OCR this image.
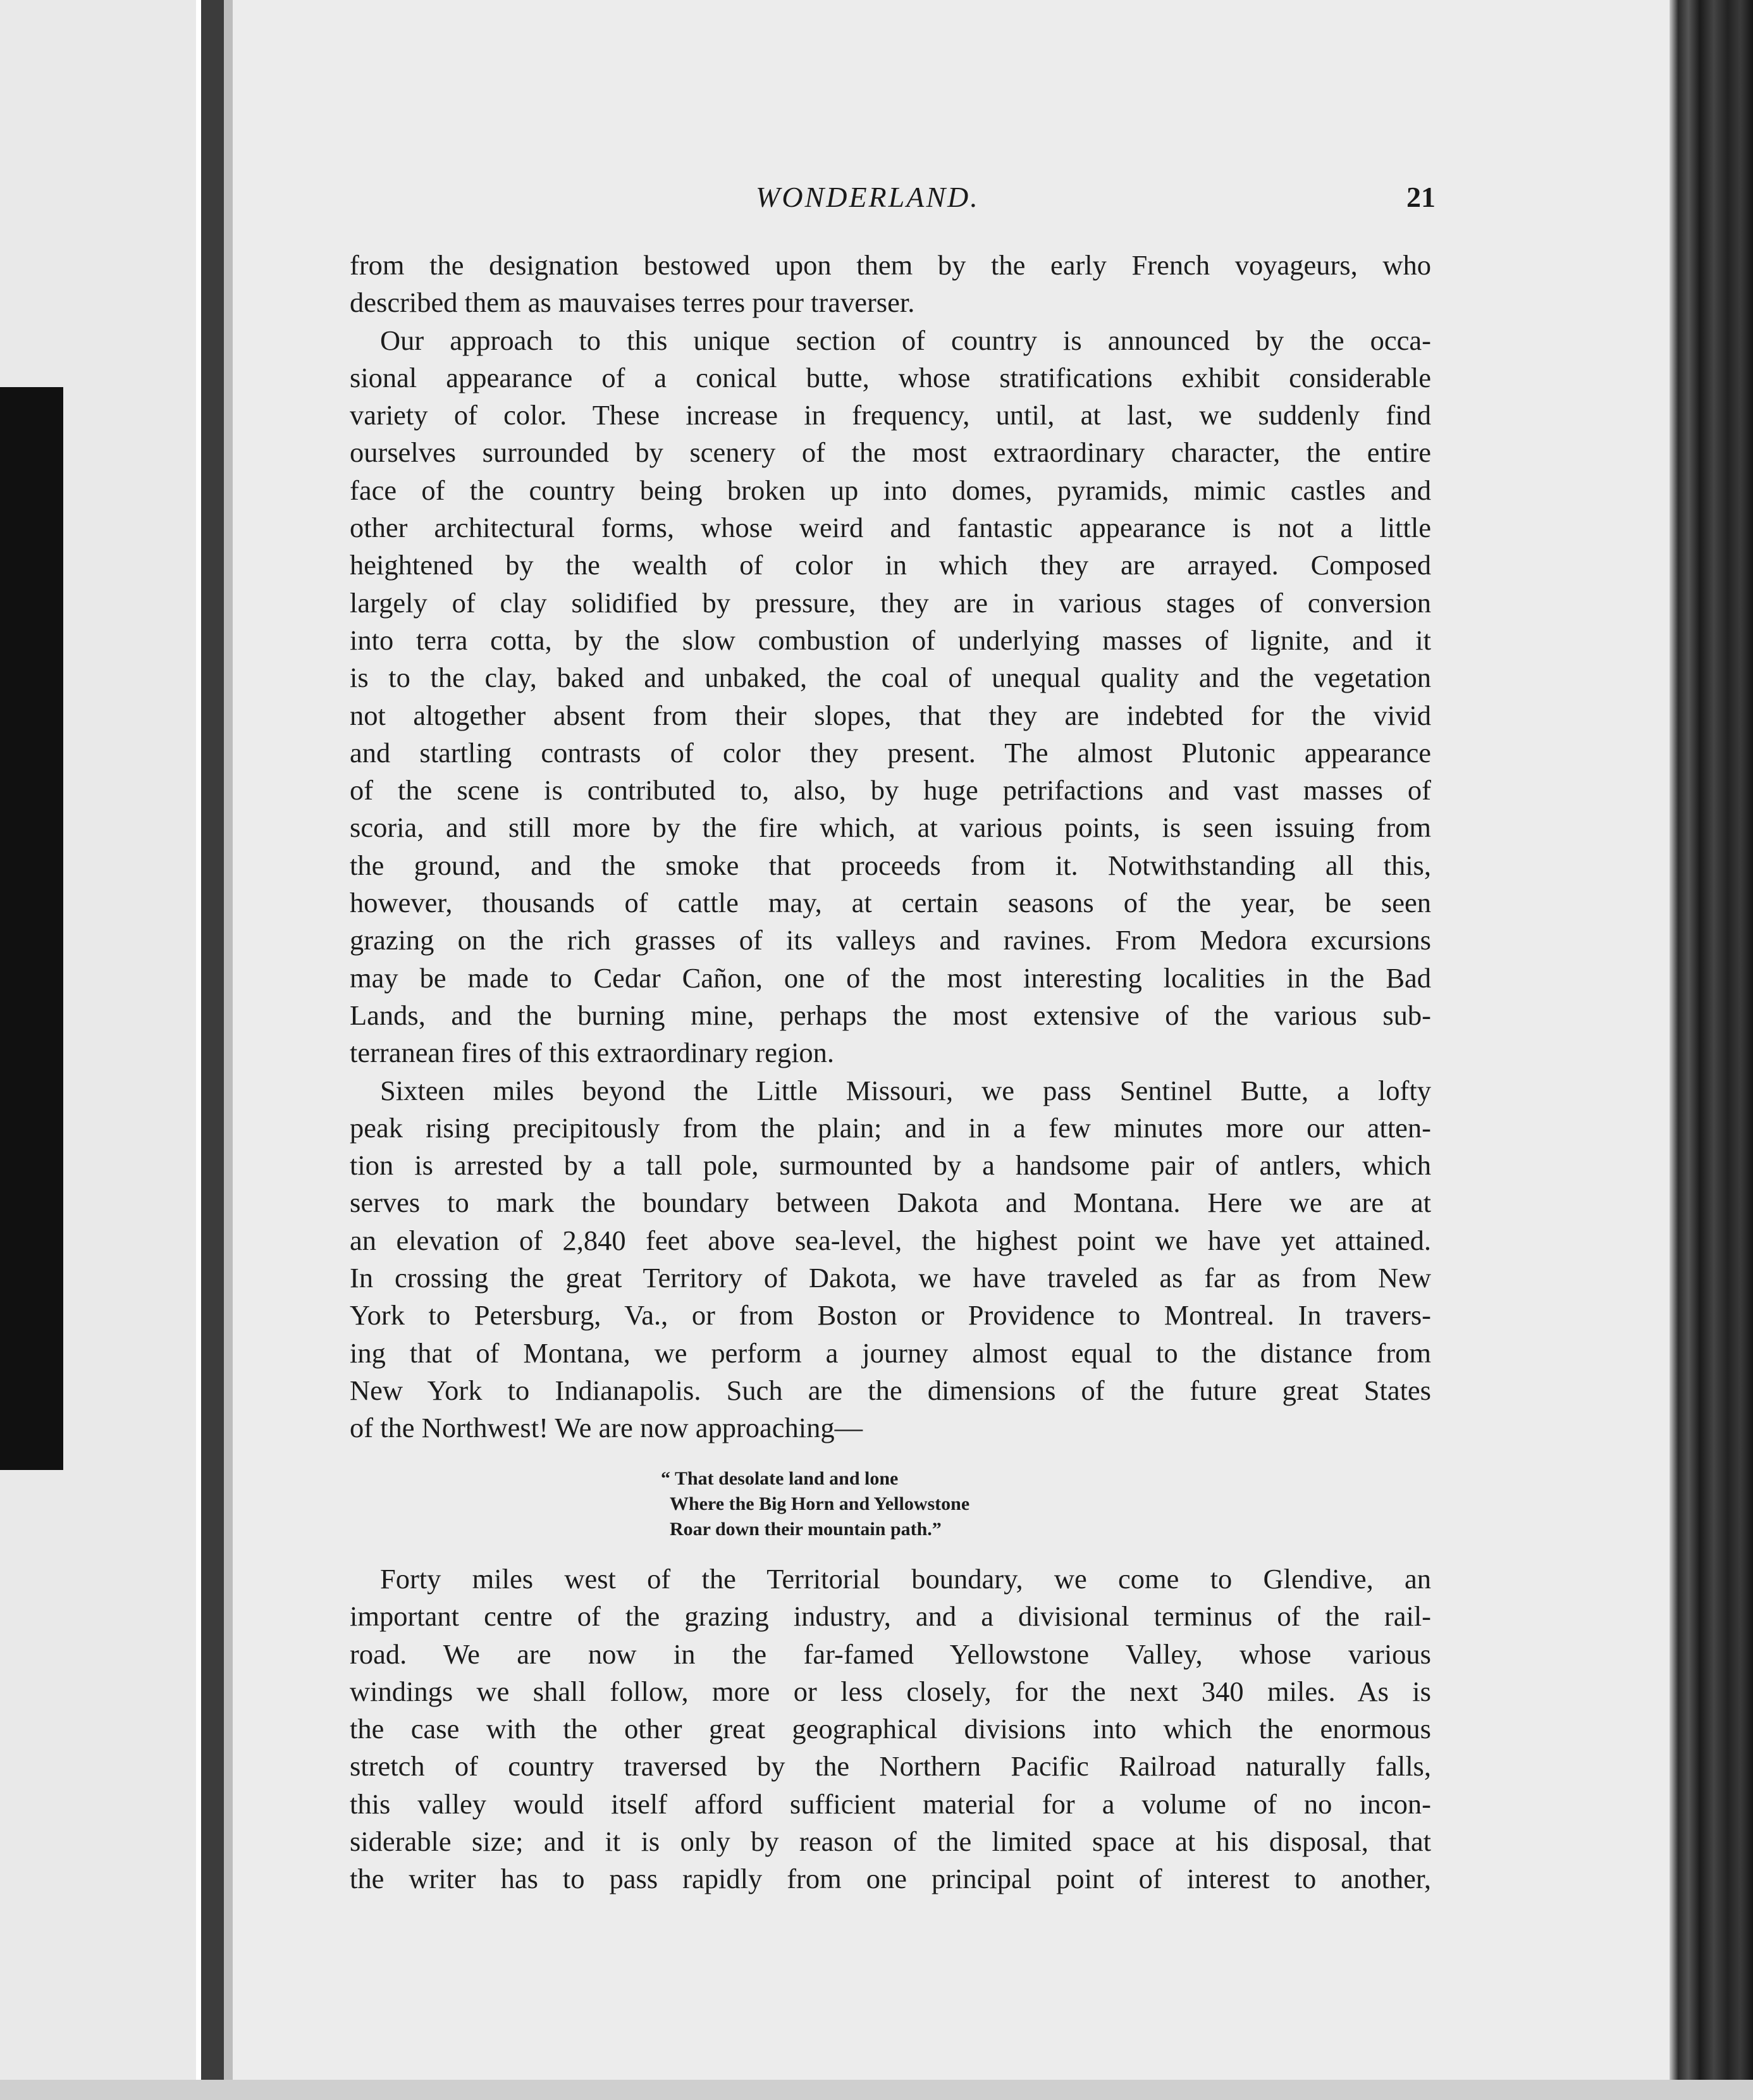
WONDERLAND.	21
from the designation bestowed upon them by the early French voyageurs, who
described them as mauvaises terres pour traverser.
Our approach to this unique section of country is announced by the occa-
sional appearance of a conical butte, whose stratifications exhibit considerable
variety of color. These increase in frequency, until, at last, we suddenly find
ourselves surrounded by scenery of the most extraordinary character, the entire
face of the country being broken up into domes, pyramids, mimic castles and
other architectural forms, whose weird and fantastic appearance is not a little
heightened by the wealth of color in which they are arrayed. Composed
largely of clay solidified by pressure, they are in various stages of conversion
into terra cotta, by the slow combustion of underlying masses of lignite, and it
is to the clay, baked and unbaked, the coal of unequal quality and the vegetation
not altogether absent from their slopes, that they are indebted for the vivid
and startling contrasts of color they present. The almost Plutonic appearance
of the scene is contributed to, also, by huge petrifactions and vast masses of
scoria, and still more by the fire which, at various points, is seen issuing from
the ground, and the smoke that proceeds from it. Notwithstanding all this,
however, thousands of cattle may, at certain seasons of the year, be seen
grazing on the rich grasses of its valleys and ravines. From Medora excursions
may be made to Cedar Cañon, one of the most interesting localities in the Bad
Lands, and the burning mine, perhaps the most extensive of the various sub-
terranean fires of this extraordinary region.
Sixteen miles beyond the Little Missouri, we pass Sentinel Butte, a lofty
peak rising precipitously from the plain; and in a few minutes more our atten-
tion is arrested by a tall pole, surmounted by a handsome pair of antlers, which
serves to mark the boundary between Dakota and Montana. Here we are at
an elevation of 2,840 feet above sea-level, the highest point we have yet attained.
In crossing the great Territory of Dakota, we have traveled as far as from New
York to Petersburg, Va., or from Boston or Providence to Montreal. In travers-
ing that of Montana, we perform a journey almost equal to the distance from
New York to Indianapolis. Such are the dimensions of the future great States
of the Northwest! We are now approaching—
“ That desolate land and lone
Where the Big Horn and Yellowstone
Roar down their mountain path.”
Forty miles west of the Territorial boundary, we come to Glendive, an
important centre of the grazing industry, and a divisional terminus of the rail-
road. We are now in the far-famed Yellowstone Valley, whose various
windings we shall follow, more or less closely, for the next 340 miles. As is
the case with the other great geographical divisions into which the enormous
stretch of country traversed by the Northern Pacific Railroad naturally falls,
this valley would itself afford sufficient material for a volume of no incon-
siderable size; and it is only by reason of the limited space at his disposal, that
the writer has to pass rapidly from one principal point of interest to another,
